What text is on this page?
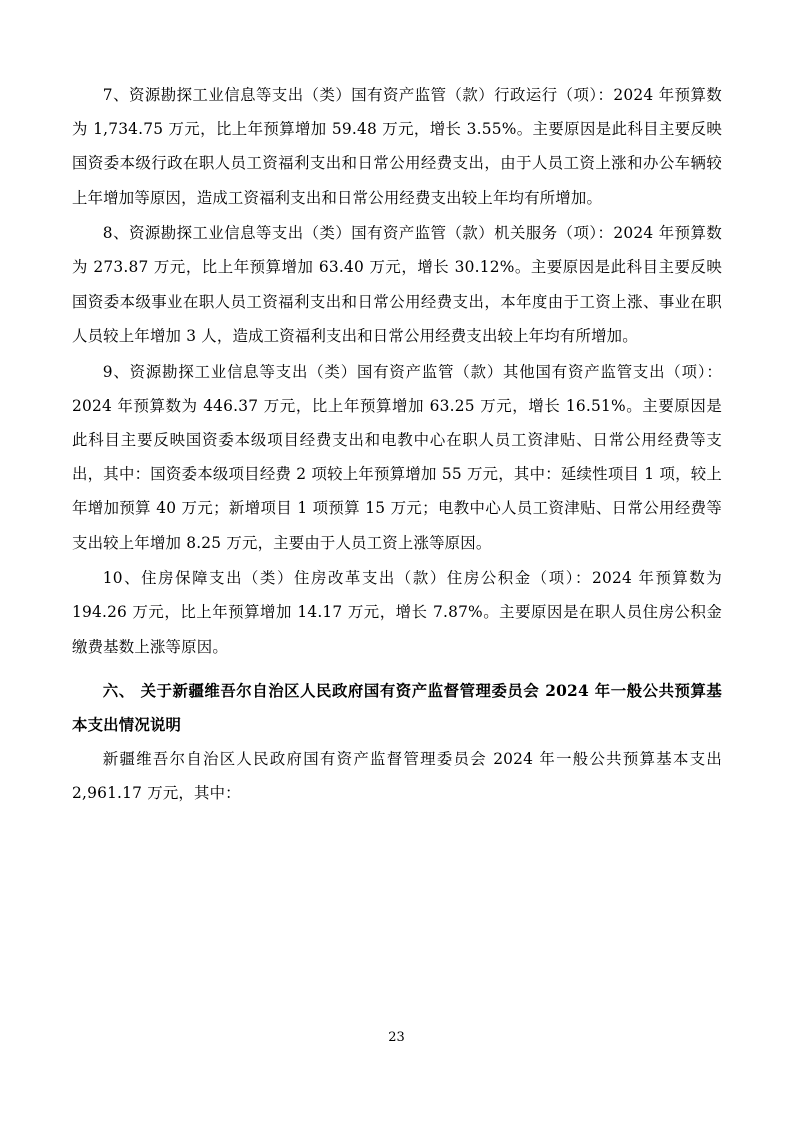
7、资源勘探工业信息等支出（类）国有资产监管（款）行政运行（项）：2024 年预算数为 1,734.75 万元，比上年预算增加 59.48 万元，增长 3.55%。主要原因是此科目主要反映国资委本级行政在职人员工资福利支出和日常公用经费支出，由于人员工资上涨和办公车辆较上年增加等原因，造成工资福利支出和日常公用经费支出较上年均有所增加。

8、资源勘探工业信息等支出（类）国有资产监管（款）机关服务（项）：2024 年预算数为 273.87 万元，比上年预算增加 63.40 万元，增长 30.12%。主要原因是此科目主要反映国资委本级事业在职人员工资福利支出和日常公用经费支出，本年度由于工资上涨、事业在职人员较上年增加 3 人，造成工资福利支出和日常公用经费支出较上年均有所增加。

9、资源勘探工业信息等支出（类）国有资产监管（款）其他国有资产监管支出（项）：2024 年预算数为 446.37 万元，比上年预算增加 63.25 万元，增长 16.51%。主要原因是此科目主要反映国资委本级项目经费支出和电教中心在职人员工资津贴、日常公用经费等支出，其中：国资委本级项目经费 2 项较上年预算增加 55 万元，其中：延续性项目 1 项，较上年增加预算 40 万元；新增项目 1 项预算 15 万元；电教中心人员工资津贴、日常公用经费等支出较上年增加 8.25 万元，主要由于人员工资上涨等原因。

10、住房保障支出（类）住房改革支出（款）住房公积金（项）：2024 年预算数为 194.26 万元，比上年预算增加 14.17 万元，增长 7.87%。主要原因是在职人员住房公积金缴费基数上涨等原因。

六、 关于新疆维吾尔自治区人民政府国有资产监督管理委员会 2024 年一般公共预算基本支出情况说明

新疆维吾尔自治区人民政府国有资产监督管理委员会 2024 年一般公共预算基本支出 2,961.17 万元，其中：

23
